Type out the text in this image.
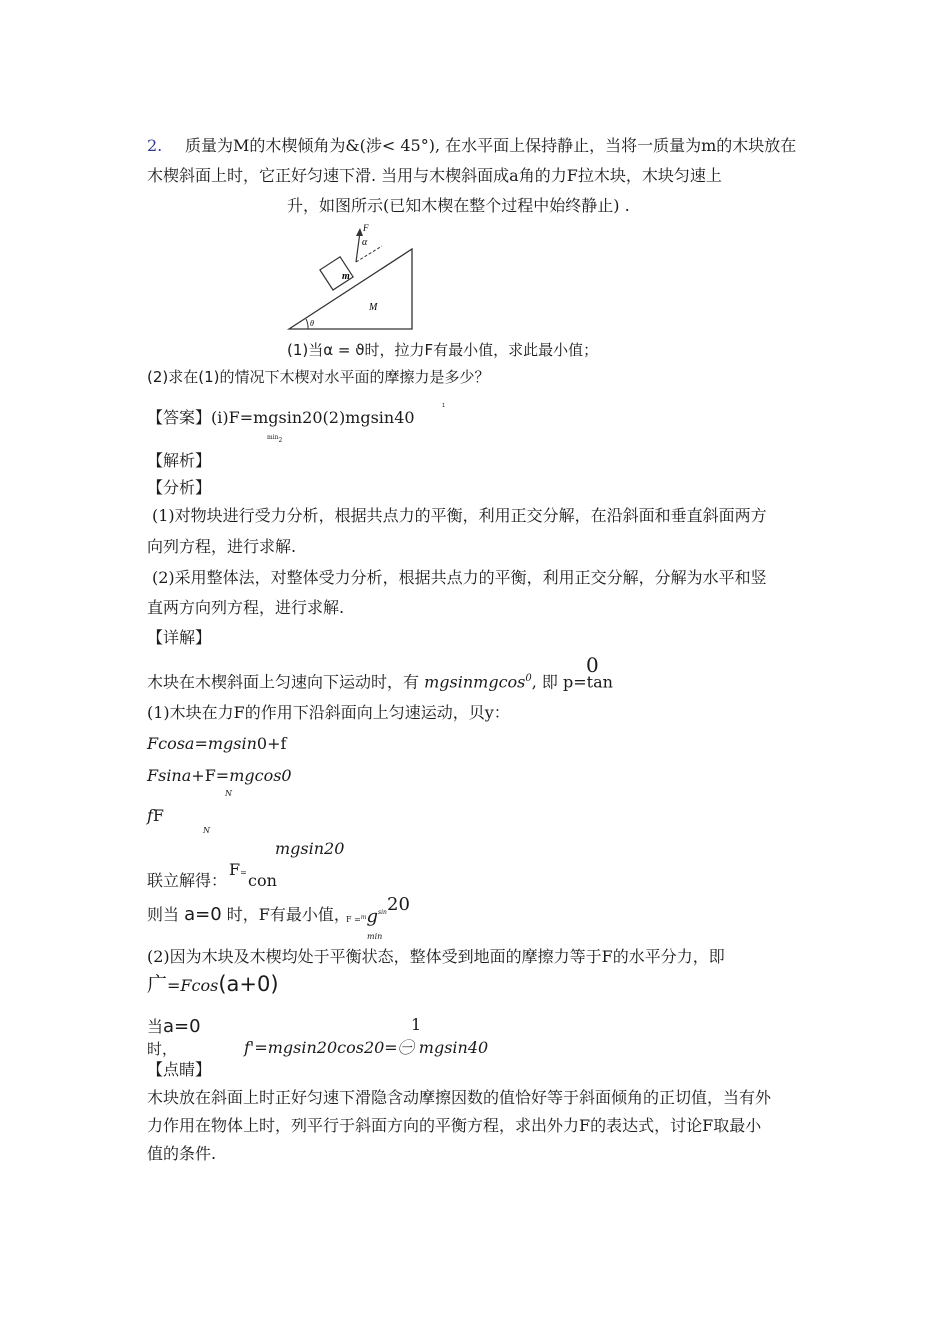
2. 质量为M的木楔倾角为&(涉< 45°), 在水平面上保持静止，当将一质量为m的木块放在
木楔斜面上时，它正好匀速下滑. 当用与木楔斜面成a角的力F拉木块，木块匀速上
升，如图所示(已知木楔在整个过程中始终静止) .
F
α
m
M
θ
(1)当α = ϑ时，拉力F有最小值，求此最小值；
(2)求在(1)的情况下木楔对水平面的摩擦力是多少？
1
【答案】(i)F=mgsin20(2)mgsin40
min2
【解析】
【分析】
(1)对物块进行受力分析，根据共点力的平衡，利用正交分解，在沿斜面和垂直斜面两方
向列方程，进行求解.
(2)采用整体法，对整体受力分析，根据共点力的平衡，利用正交分解，分解为水平和竖
直两方向列方程，进行求解.
【详解】
木块在木楔斜面上匀速向下运动时，有 mgsinmgcos$^0$, 即 p=tan
0
(1)木块在力F的作用下沿斜面向上匀速运动，贝y：
Fcosa=mgsin0+f
Fsina+F=mgcos0
N
fF
N
mgsin20
联立解得：
F= con
则当 a=0 时，F有最小值，
$F =mg^{sin}$ 20
min
(2)因为木块及木楔均处于平衡状态，整体受到地面的摩擦力等于F的水平分力，即
广=Fcos(a+0)
当a=0
时，
1
f'=mgsin20cos20=㊀ mgsin40
【点睛】
木块放在斜面上时正好匀速下滑隐含动摩擦因数的值恰好等于斜面倾角的正切值，当有外
力作用在物体上时，列平行于斜面方向的平衡方程，求出外力F的表达式，讨论F取最小
值的条件.
